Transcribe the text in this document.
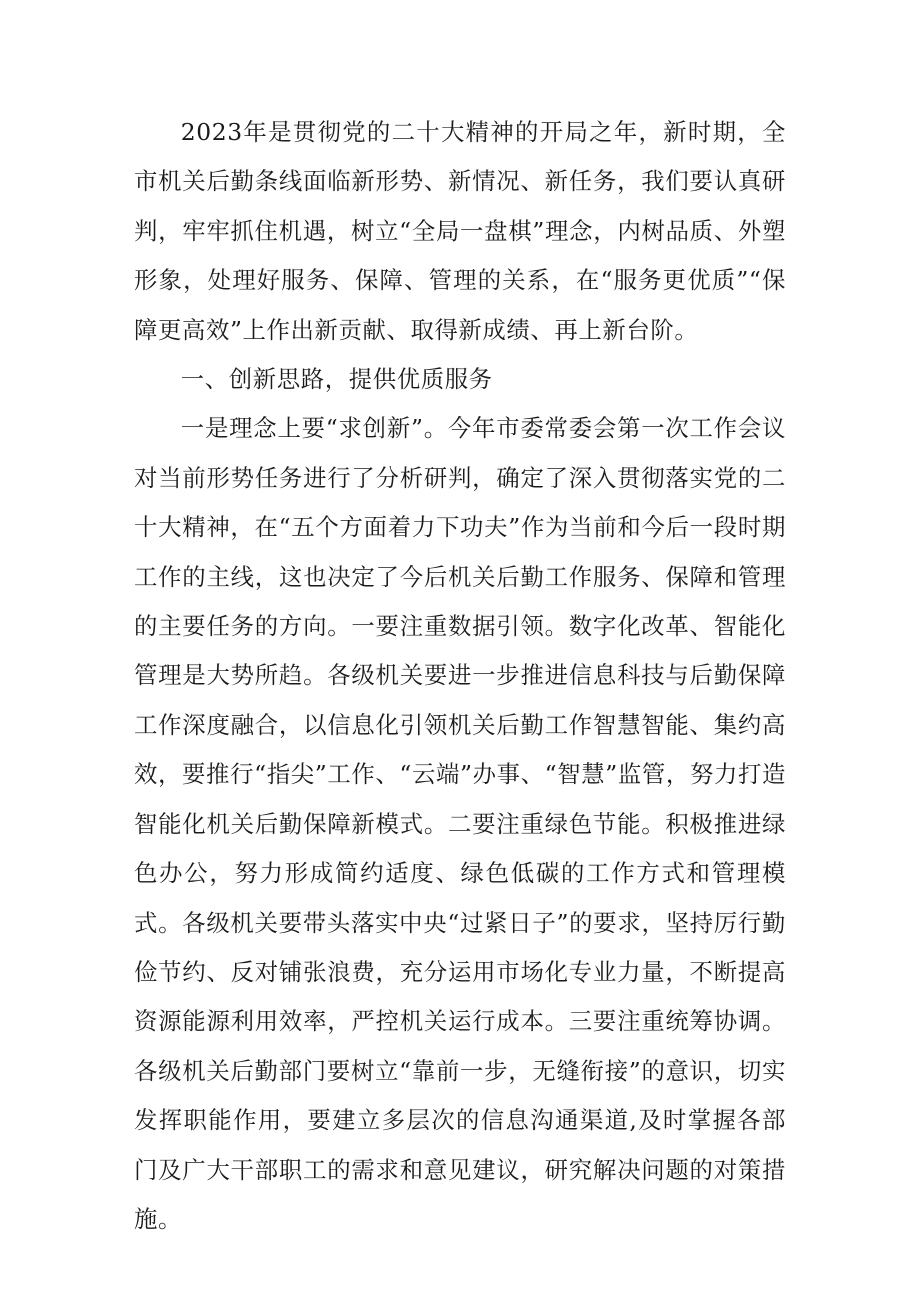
2023年是贯彻党的二十大精神的开局之年，新时期，全市机关后勤条线面临新形势、新情况、新任务，我们要认真研判，牢牢抓住机遇，树立“全局一盘棋”理念，内树品质、外塑形象，处理好服务、保障、管理的关系，在“服务更优质”“保障更高效”上作出新贡献、取得新成绩、再上新台阶。

一、创新思路，提供优质服务

一是理念上要“求创新”。今年市委常委会第一次工作会议对当前形势任务进行了分析研判，确定了深入贯彻落实党的二十大精神，在“五个方面着力下功夫”作为当前和今后一段时期工作的主线，这也决定了今后机关后勤工作服务、保障和管理的主要任务的方向。一要注重数据引领。数字化改革、智能化管理是大势所趋。各级机关要进一步推进信息科技与后勤保障工作深度融合，以信息化引领机关后勤工作智慧智能、集约高效，要推行“指尖”工作、“云端”办事、“智慧”监管，努力打造智能化机关后勤保障新模式。二要注重绿色节能。积极推进绿色办公，努力形成简约适度、绿色低碳的工作方式和管理模式。各级机关要带头落实中央“过紧日子”的要求，坚持厉行勤俭节约、反对铺张浪费，充分运用市场化专业力量，不断提高资源能源利用效率，严控机关运行成本。三要注重统筹协调。各级机关后勤部门要树立“靠前一步，无缝衔接”的意识，切实发挥职能作用，要建立多层次的信息沟通渠道,及时掌握各部门及广大干部职工的需求和意见建议，研究解决问题的对策措施。
